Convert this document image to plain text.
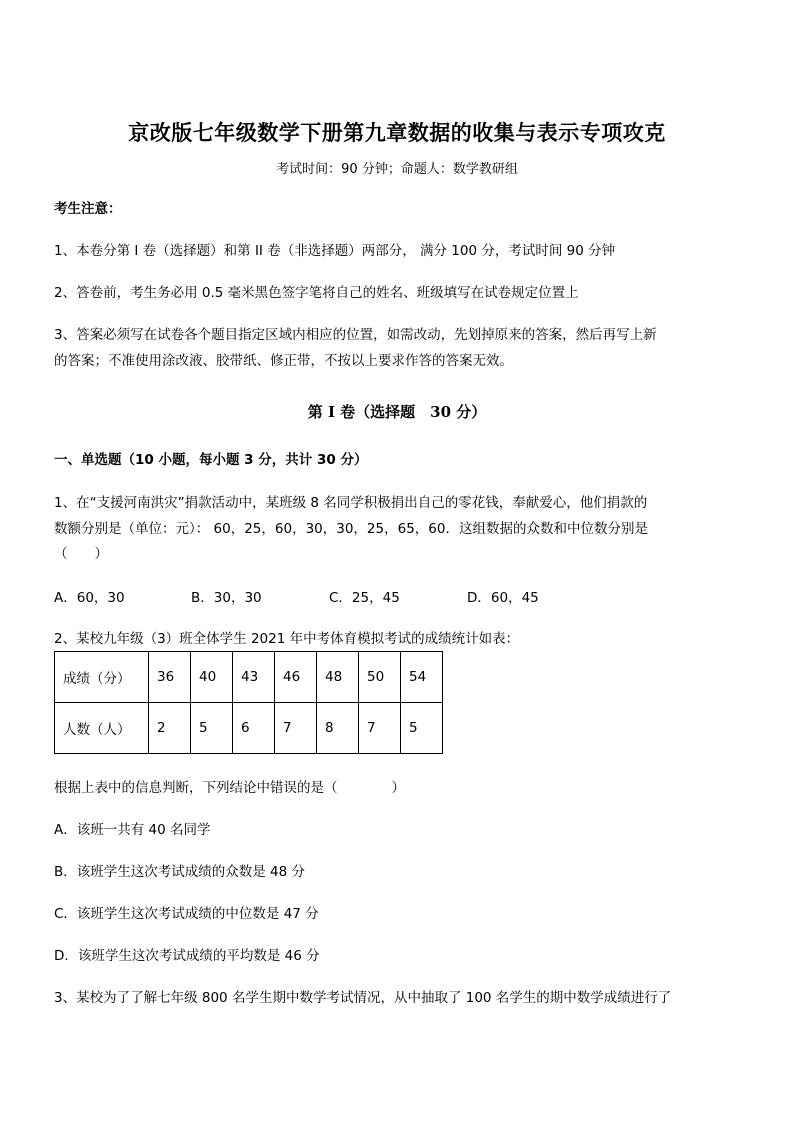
京改版七年级数学下册第九章数据的收集与表示专项攻克
考试时间：90 分钟；命题人：数学教研组
考生注意：
1、本卷分第 I 卷（选择题）和第 II 卷（非选择题）两部分， 满分 100 分，考试时间 90 分钟
2、答卷前，考生务必用 0.5 毫米黑色签字笔将自己的姓名、班级填写在试卷规定位置上
3、答案必须写在试卷各个题目指定区域内相应的位置，如需改动，先划掉原来的答案，然后再写上新
的答案；不准使用涂改液、胶带纸、修正带，不按以上要求作答的答案无效。
第 I 卷（选择题　30 分）
一、单选题（10 小题，每小题 3 分，共计 30 分）
1、在“支援河南洪灾”捐款活动中，某班级 8 名同学积极捐出自己的零花钱，奉献爱心，他们捐款的
数额分别是（单位：元）： 60，25，60，30，30，25，65，60．这组数据的众数和中位数分别是
（　　）
A．60，30	B．30，30	C．25，45	D．60，45
2、某校九年级（3）班全体学生 2021 年中考体育模拟考试的成绩统计如表：
成绩（分）	36	40	43	46	48	50	54
人数（人）	2	5	6	7	8	7	5
根据上表中的信息判断，下列结论中错误的是（　　　　）
A．该班一共有 40 名同学
B．该班学生这次考试成绩的众数是 48 分
C．该班学生这次考试成绩的中位数是 47 分
D．该班学生这次考试成绩的平均数是 46 分
3、某校为了了解七年级 800 名学生期中数学考试情况，从中抽取了 100 名学生的期中数学成绩进行了
